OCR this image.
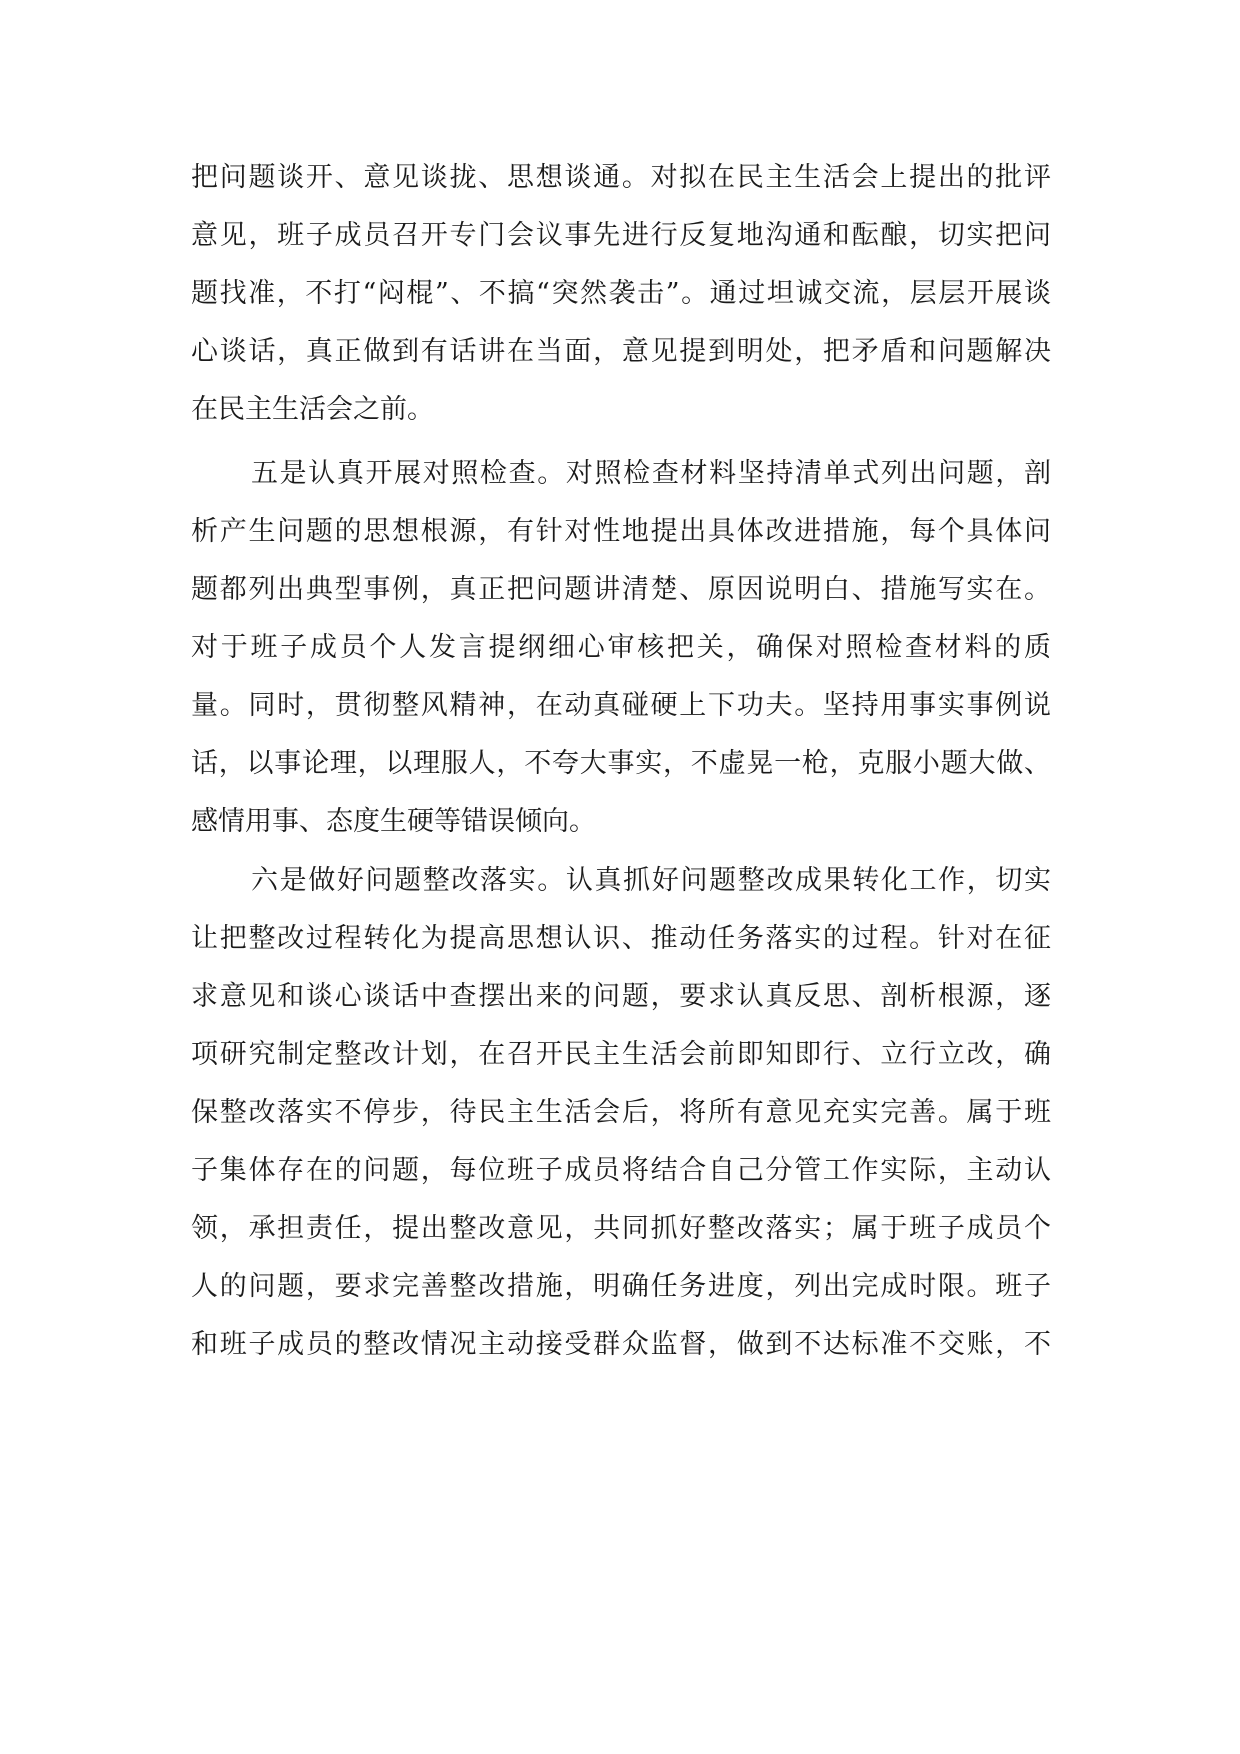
把问题谈开、意见谈拢、思想谈通。对拟在民主生活会上提出的批评
意见，班子成员召开专门会议事先进行反复地沟通和酝酿，切实把问
题找准，不打“闷棍”、不搞“突然袭击”。通过坦诚交流，层层开展谈
心谈话，真正做到有话讲在当面，意见提到明处，把矛盾和问题解决
在民主生活会之前。
五是认真开展对照检查。对照检查材料坚持清单式列出问题，剖
析产生问题的思想根源，有针对性地提出具体改进措施，每个具体问
题都列出典型事例，真正把问题讲清楚、原因说明白、措施写实在。
对于班子成员个人发言提纲细心审核把关，确保对照检查材料的质
量。同时，贯彻整风精神，在动真碰硬上下功夫。坚持用事实事例说
话，以事论理，以理服人，不夸大事实，不虚晃一枪，克服小题大做、
感情用事、态度生硬等错误倾向。
六是做好问题整改落实。认真抓好问题整改成果转化工作，切实
让把整改过程转化为提高思想认识、推动任务落实的过程。针对在征
求意见和谈心谈话中查摆出来的问题，要求认真反思、剖析根源，逐
项研究制定整改计划，在召开民主生活会前即知即行、立行立改，确
保整改落实不停步，待民主生活会后，将所有意见充实完善。属于班
子集体存在的问题，每位班子成员将结合自己分管工作实际，主动认
领，承担责任，提出整改意见，共同抓好整改落实；属于班子成员个
人的问题，要求完善整改措施，明确任务进度，列出完成时限。班子
和班子成员的整改情况主动接受群众监督，做到不达标准不交账，不
